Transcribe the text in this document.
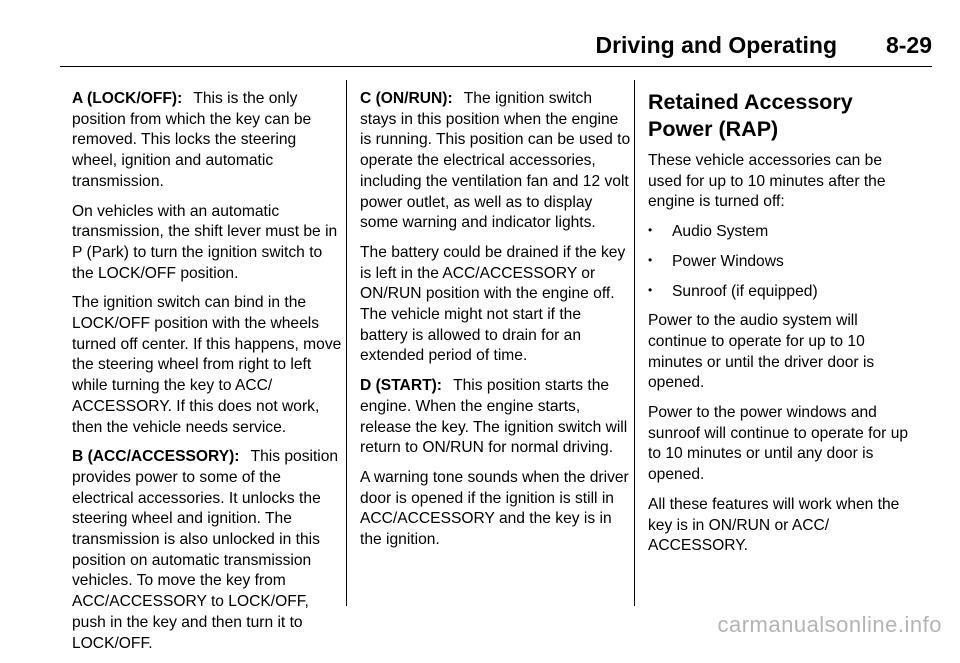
Driving and Operating 8-29

A (LOCK/OFF): This is the only position from which the key can be removed. This locks the steering wheel, ignition and automatic transmission.

On vehicles with an automatic transmission, the shift lever must be in P (Park) to turn the ignition switch to the LOCK/OFF position.

The ignition switch can bind in the LOCK/OFF position with the wheels turned off center. If this happens, move the steering wheel from right to left while turning the key to ACC/ ACCESSORY. If this does not work, then the vehicle needs service.

B (ACC/ACCESSORY): This position provides power to some of the electrical accessories. It unlocks the steering wheel and ignition. The transmission is also unlocked in this position on automatic transmission vehicles. To move the key from ACC/ACCESSORY to LOCK/OFF, push in the key and then turn it to LOCK/OFF.

C (ON/RUN): The ignition switch stays in this position when the engine is running. This position can be used to operate the electrical accessories, including the ventilation fan and 12 volt power outlet, as well as to display some warning and indicator lights.

The battery could be drained if the key is left in the ACC/ACCESSORY or ON/RUN position with the engine off. The vehicle might not start if the battery is allowed to drain for an extended period of time.

D (START): This position starts the engine. When the engine starts, release the key. The ignition switch will return to ON/RUN for normal driving.

A warning tone sounds when the driver door is opened if the ignition is still in ACC/ACCESSORY and the key is in the ignition.

Retained Accessory Power (RAP)

These vehicle accessories can be used for up to 10 minutes after the engine is turned off:

• Audio System
• Power Windows
• Sunroof (if equipped)

Power to the audio system will continue to operate for up to 10 minutes or until the driver door is opened.

Power to the power windows and sunroof will continue to operate for up to 10 minutes or until any door is opened.

All these features will work when the key is in ON/RUN or ACC/ ACCESSORY.

carmanualsonline.info
